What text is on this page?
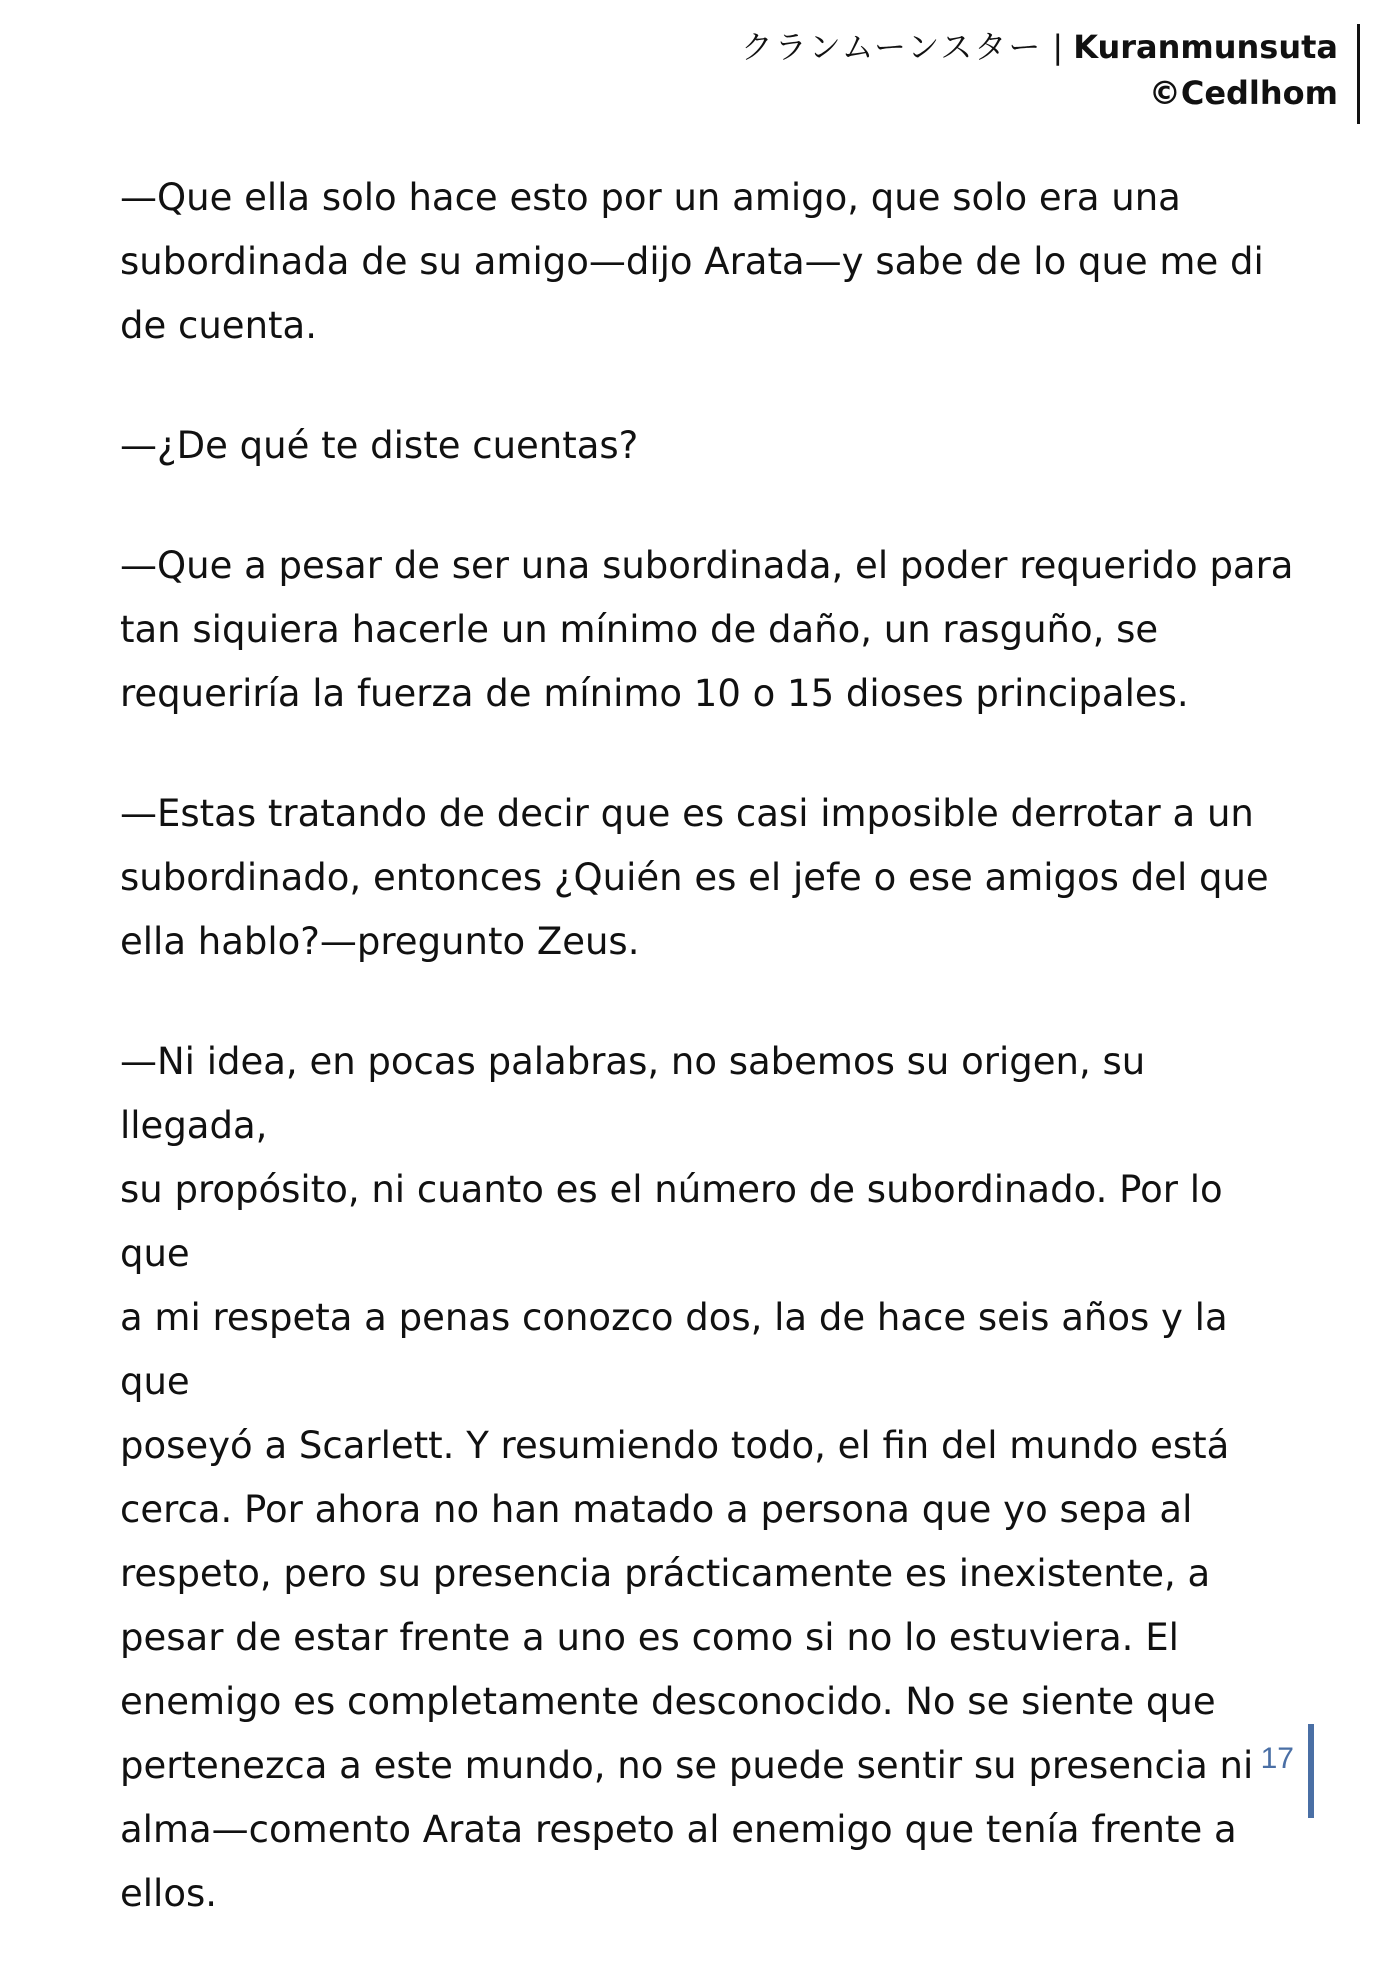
クランムーンスター | Kuranmunsuta
©Cedlhom

—Que ella solo hace esto por un amigo, que solo era una
subordinada de su amigo—dijo Arata—y sabe de lo que me di
de cuenta.

—¿De qué te diste cuentas?

—Que a pesar de ser una subordinada, el poder requerido para
tan siquiera hacerle un mínimo de daño, un rasguño, se
requeriría la fuerza de mínimo 10 o 15 dioses principales.

—Estas tratando de decir que es casi imposible derrotar a un
subordinado, entonces ¿Quién es el jefe o ese amigos del que
ella hablo?—pregunto Zeus.

—Ni idea, en pocas palabras, no sabemos su origen, su llegada,
su propósito, ni cuanto es el número de subordinado. Por lo que
a mi respeta a penas conozco dos, la de hace seis años y la que
poseyó a Scarlett. Y resumiendo todo, el fin del mundo está
cerca. Por ahora no han matado a persona que yo sepa al
respeto, pero su presencia prácticamente es inexistente, a
pesar de estar frente a uno es como si no lo estuviera. El
enemigo es completamente desconocido. No se siente que
pertenezca a este mundo, no se puede sentir su presencia ni
alma—comento Arata respeto al enemigo que tenía frente a
ellos.

17
